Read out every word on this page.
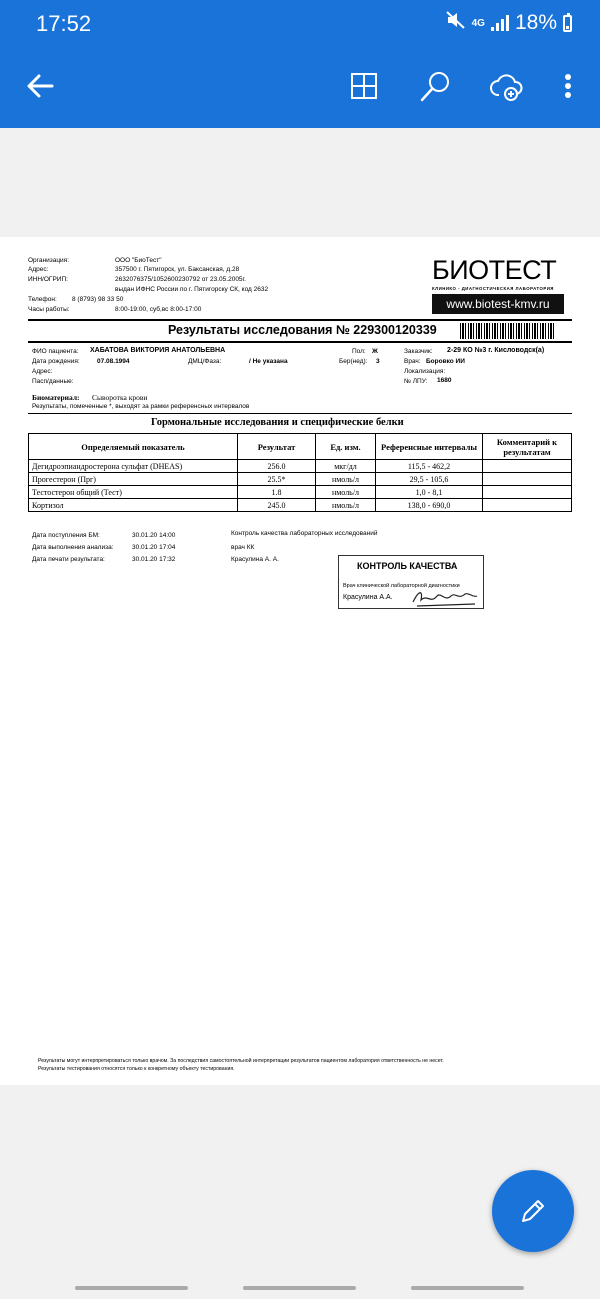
17:52	4G 18%
Организация:	ООО "БиоТест"
Адрес:	357500 г. Пятигорск, ул. Баксанская, д.28
ИНН/ОГРИП:	2632076375/1052600230792 от 23.05.2005г.
выдан ИФНС России по г. Пятигорску СК, код 2632
Телефон: 8 (8793) 98 33 50
Часы работы:	8:00-19:00, суб,вс 8:00-17:00
БИОТЕСТ
КЛИНИКО - ДИАГНОСТИЧЕСКАЯ ЛАБОРАТОРИЯ
www.biotest-kmv.ru
Результаты исследования № 229300120339
ФИО пациента: ХАБАТОВА ВИКТОРИЯ АНАТОЛЬЕВНА
Дата рождения:	07.08.1994	ДМЦ/Фаза:	/ Не указана
Адрес:
Пасп/данные:
Пол: Ж
Бер(нед): 3
Заказчик: 2-29 КО №3 г. Кисловодск(а)
Врач: Боровко ИИ
Локализация:
№ ЛПУ: 1680
Биоматериал: Сыворотка крови
Результаты, помеченные *, выходят за рамки референсных интервалов
Гормональные исследования и специфические белки
Определяемый показатель	Результат	Ед. изм.	Референсные интервалы	Комментарий к результатам
Дегидроэпиандростерона сульфат (DHEAS)	256.0	мкг/дл	115,5 - 462,2	
Прогестерон (Прг)	25.5*	нмоль/л	29,5 - 105,6	
Тестостерон общий (Тест)	1.8	нмоль/л	1,0 - 8,1	
Кортизол	245.0	нмоль/л	138,0 - 690,0	
Дата поступления БМ:	30.01.20 14:00
Дата выполнения анализа:	30.01.20 17:04
Дата печати результата:	30.01.20 17:32
Контроль качества лабораторных исследований
врач КК
Красулина А. А.
КОНТРОЛЬ КАЧЕСТВА
Врач клинической лабораторной диагностики
Красулина А.А.
Результаты могут интерпретироваться только врачом. За последствия самостоятельной интерпретации результатов пациентом лаборатория ответственность не несет.
Результаты тестирования относятся только к конкретному объекту тестирования.
